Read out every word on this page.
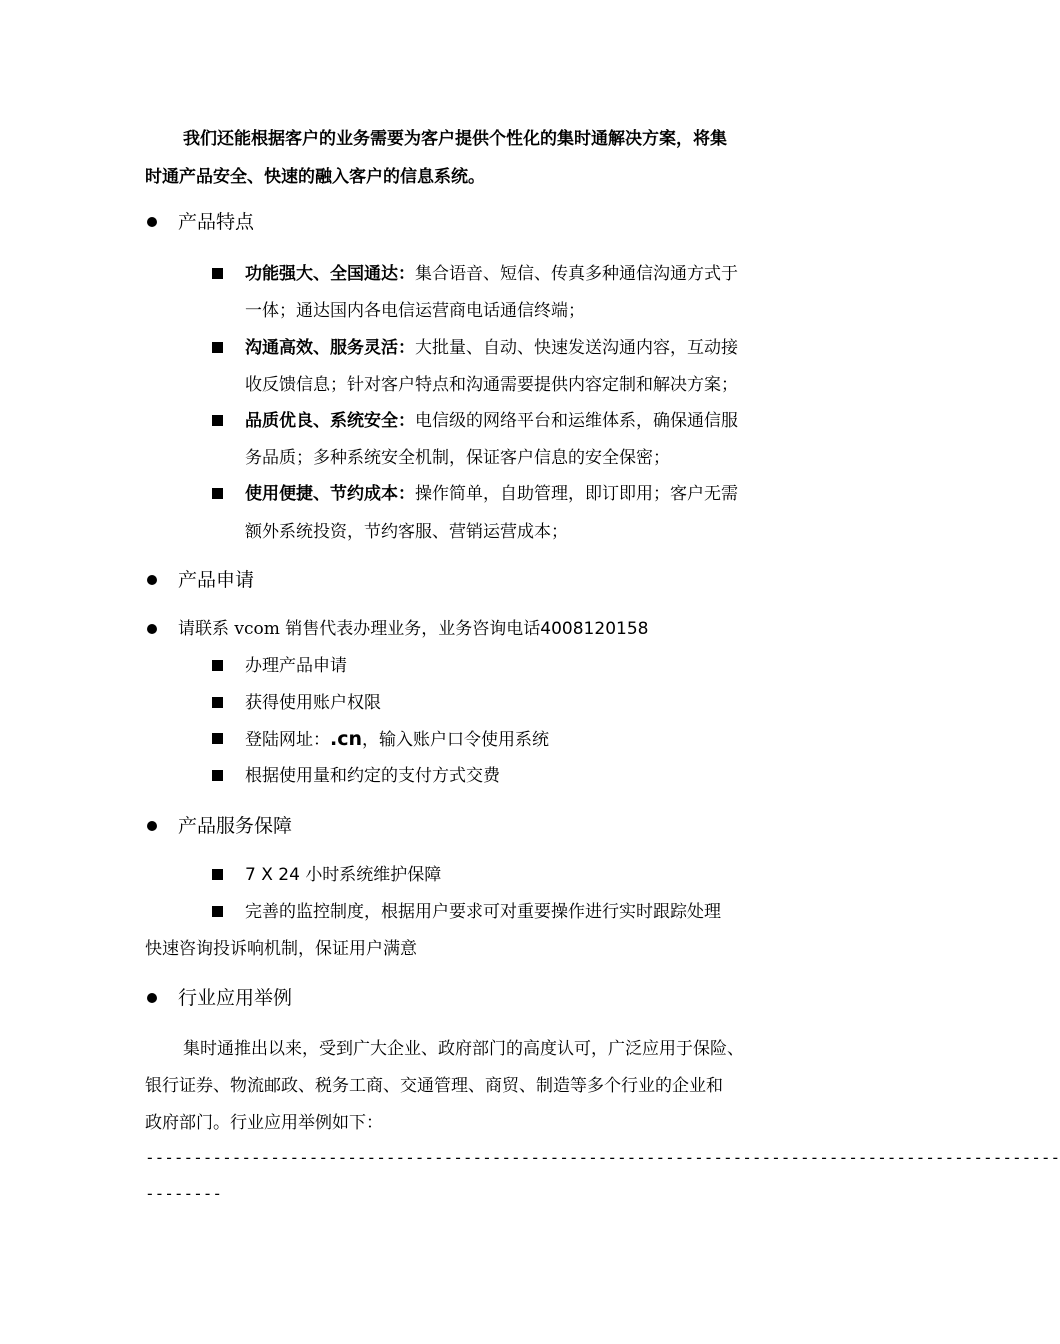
我们还能根据客户的业务需要为客户提供个性化的集时通解决方案，将集
时通产品安全、快速的融入客户的信息系统。
产品特点
功能强大、全国通达：集合语音、短信、传真多种通信沟通方式于
一体；通达国内各电信运营商电话通信终端；
沟通高效、服务灵活：大批量、自动、快速发送沟通内容，互动接
收反馈信息；针对客户特点和沟通需要提供内容定制和解决方案；
品质优良、系统安全：电信级的网络平台和运维体系，确保通信服
务品质；多种系统安全机制，保证客户信息的安全保密；
使用便捷、节约成本：操作简单，自助管理，即订即用；客户无需
额外系统投资，节约客服、营销运营成本；
产品申请
请联系 vcom 销售代表办理业务，业务咨询电话4008120158
办理产品申请
获得使用账户权限
登陆网址：.cn，输入账户口令使用系统
根据使用量和约定的支付方式交费
产品服务保障
7 X 24 小时系统维护保障
完善的监控制度，根据用户要求可对重要操作进行实时跟踪处理
快速咨询投诉响机制，保证用户满意
行业应用举例
集时通推出以来，受到广大企业、政府部门的高度认可，广泛应用于保险、
银行证券、物流邮政、税务工商、交通管理、商贸、制造等多个行业的企业和
政府部门。行业应用举例如下：
-----------------------------------------------------------------------------------------------
--------
